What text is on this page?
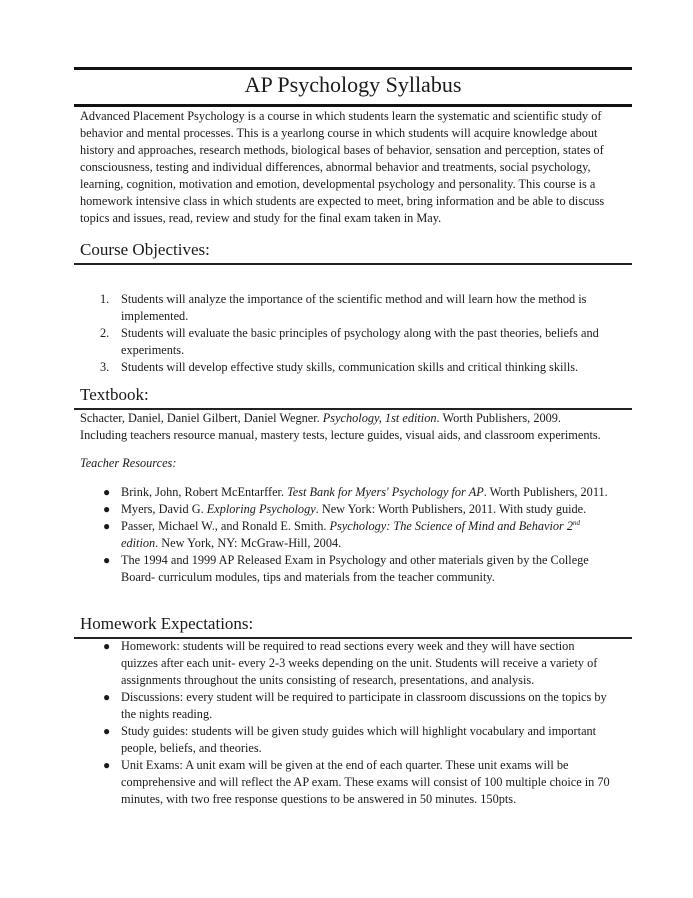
AP Psychology Syllabus
Advanced Placement Psychology is a course in which students learn the systematic and scientific study of behavior and mental processes. This is a yearlong course in which students will acquire knowledge about history and approaches, research methods, biological bases of behavior, sensation and perception, states of consciousness, testing and individual differences, abnormal behavior and treatments, social psychology, learning, cognition, motivation and emotion, developmental psychology and personality. This course is a homework intensive class in which students are expected to meet, bring information and be able to discuss topics and issues, read, review and study for the final exam taken in May.
Course Objectives:
1. Students will analyze the importance of the scientific method and will learn how the method is implemented.
2. Students will evaluate the basic principles of psychology along with the past theories, beliefs and experiments.
3. Students will develop effective study skills, communication skills and critical thinking skills.
Textbook:
Schacter, Daniel, Daniel Gilbert, Daniel Wegner. Psychology, 1st edition. Worth Publishers, 2009.
Including teachers resource manual, mastery tests, lecture guides, visual aids, and classroom experiments.
Teacher Resources:
● Brink, John, Robert McEntarffer. Test Bank for Myers' Psychology for AP. Worth Publishers, 2011.
● Myers, David G. Exploring Psychology. New York: Worth Publishers, 2011. With study guide.
● Passer, Michael W., and Ronald E. Smith. Psychology: The Science of Mind and Behavior 2nd edition. New York, NY: McGraw-Hill, 2004.
● The 1994 and 1999 AP Released Exam in Psychology and other materials given by the College Board- curriculum modules, tips and materials from the teacher community.
Homework Expectations:
● Homework: students will be required to read sections every week and they will have section quizzes after each unit- every 2-3 weeks depending on the unit. Students will receive a variety of assignments throughout the units consisting of research, presentations, and analysis.
● Discussions: every student will be required to participate in classroom discussions on the topics by the nights reading.
● Study guides: students will be given study guides which will highlight vocabulary and important people, beliefs, and theories.
● Unit Exams: A unit exam will be given at the end of each quarter. These unit exams will be comprehensive and will reflect the AP exam. These exams will consist of 100 multiple choice in 70 minutes, with two free response questions to be answered in 50 minutes. 150pts.
